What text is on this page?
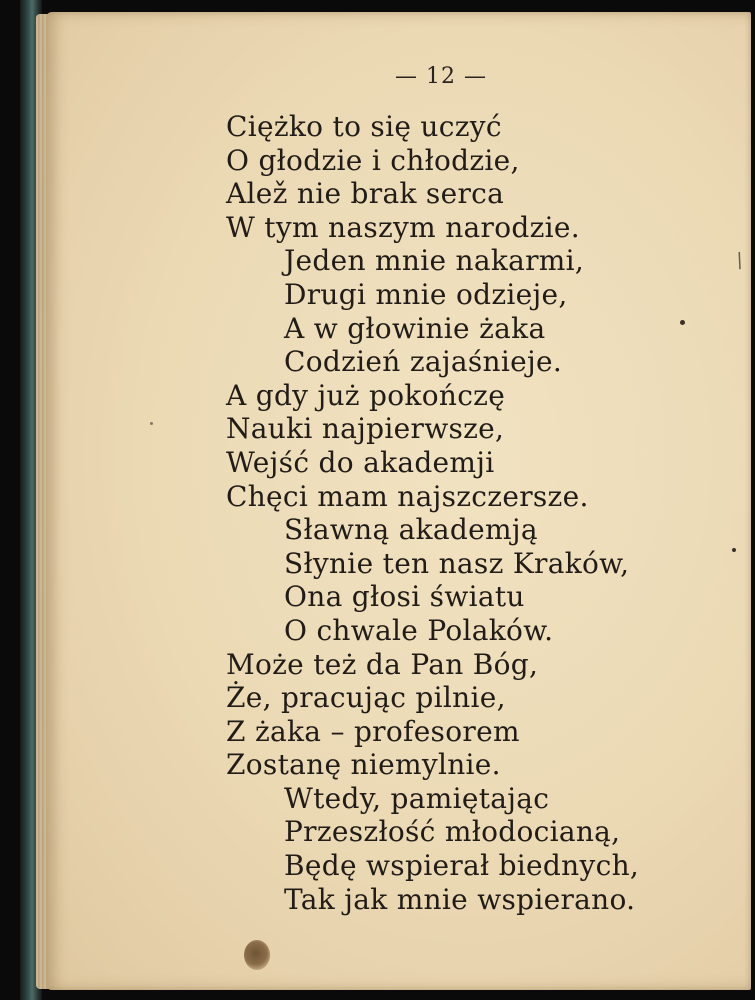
— 12 —
/
Ciężko to się uczyć
O głodzie i chłodzie,
Alež nie brak serca
W tym naszym narodzie.
Jeden mnie nakarmi,
Drugi mnie odzieje,
A w głowinie żaka
Codzień zajaśnieje.
A gdy już pokończę
Nauki najpierwsze,
Wejść do akademji
Chęci mam najszczersze.
Sławną akademją
Słynie ten nasz Kraków,
Ona głosi światu
O chwale Polaków.
Może też da Pan Bóg,
Że, pracując pilnie,
Z żaka – profesorem
Zostanę niemylnie.
Wtedy, pamiętając
Przeszłość młodocianą,
Będę wspierał biednych,
Tak jak mnie wspierano.
